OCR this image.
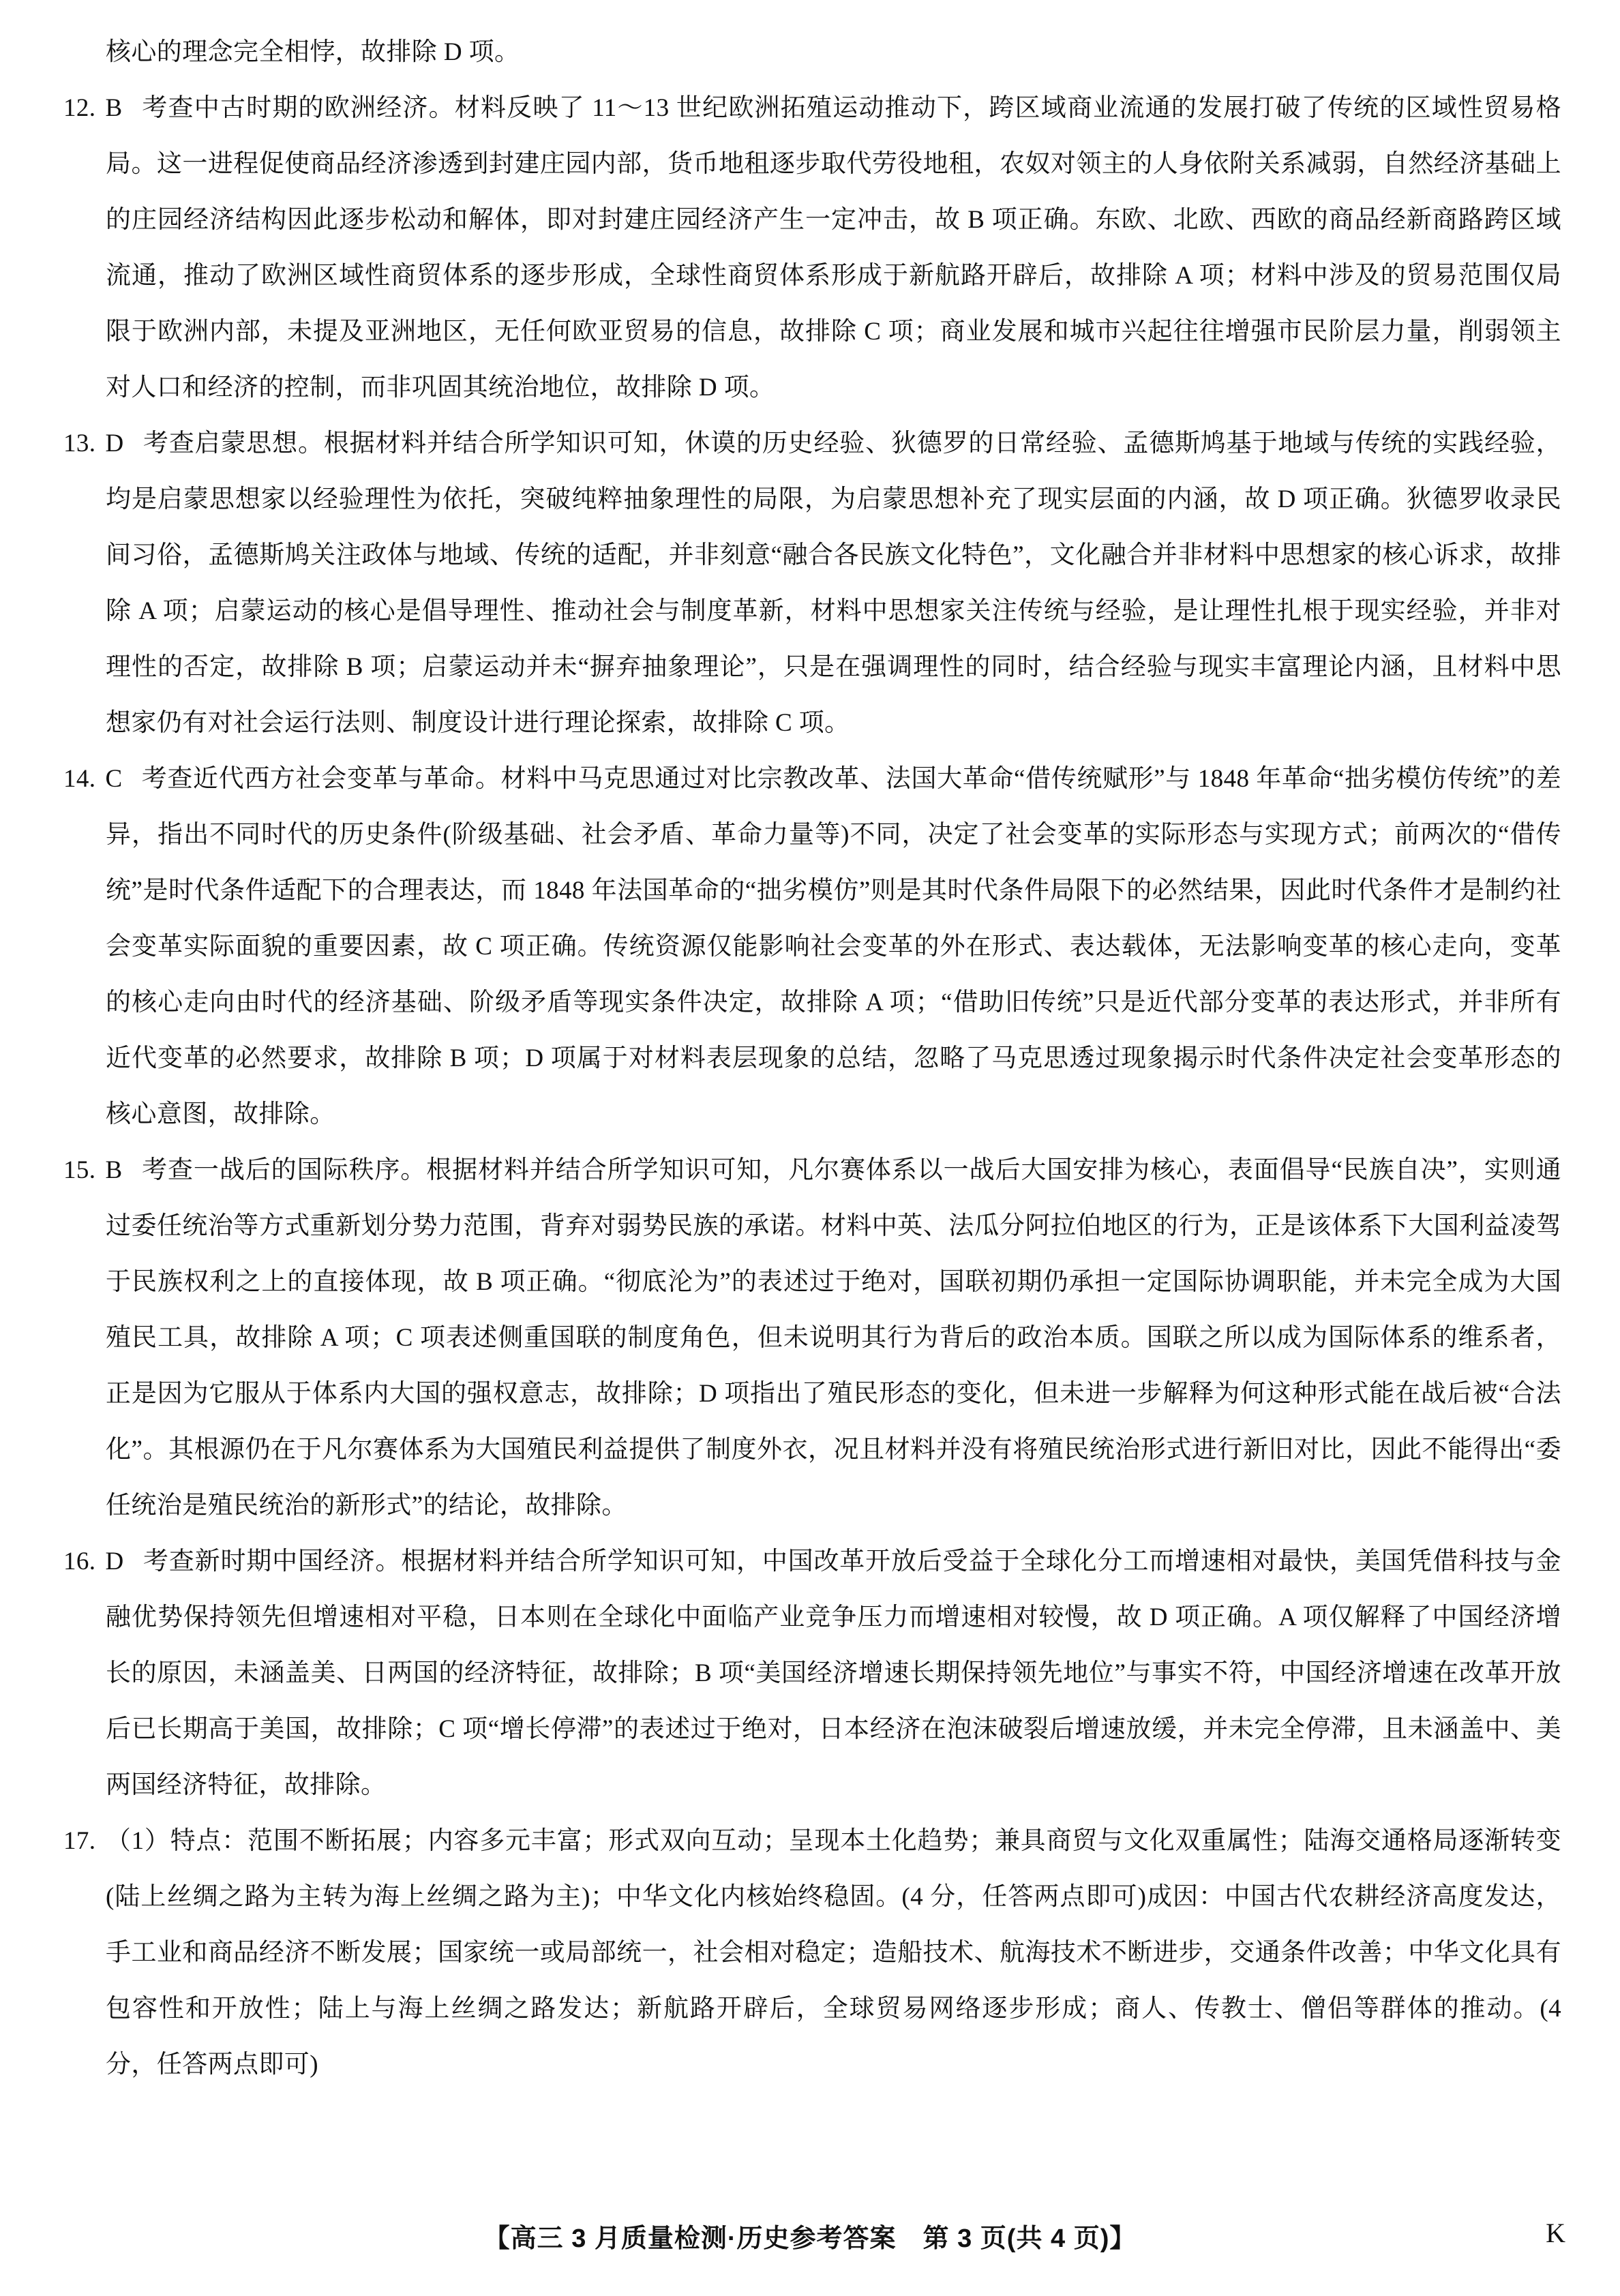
核心的理念完全相悖，故排除 D 项。

12. B 考查中古时期的欧洲经济。材料反映了 11～13 世纪欧洲拓殖运动推动下，跨区域商业流通的发展打破了传统的区域性贸易格局。这一进程促使商品经济渗透到封建庄园内部，货币地租逐步取代劳役地租，农奴对领主的人身依附关系减弱，自然经济基础上的庄园经济结构因此逐步松动和解体，即对封建庄园经济产生一定冲击，故 B 项正确。东欧、北欧、西欧的商品经新商路跨区域流通，推动了欧洲区域性商贸体系的逐步形成，全球性商贸体系形成于新航路开辟后，故排除 A 项；材料中涉及的贸易范围仅局限于欧洲内部，未提及亚洲地区，无任何欧亚贸易的信息，故排除 C 项；商业发展和城市兴起往往增强市民阶层力量，削弱领主对人口和经济的控制，而非巩固其统治地位，故排除 D 项。

13. D 考查启蒙思想。根据材料并结合所学知识可知，休谟的历史经验、狄德罗的日常经验、孟德斯鸠基于地域与传统的实践经验，均是启蒙思想家以经验理性为依托，突破纯粹抽象理性的局限，为启蒙思想补充了现实层面的内涵，故 D 项正确。狄德罗收录民间习俗，孟德斯鸠关注政体与地域、传统的适配，并非刻意“融合各民族文化特色”，文化融合并非材料中思想家的核心诉求，故排除 A 项；启蒙运动的核心是倡导理性、推动社会与制度革新，材料中思想家关注传统与经验，是让理性扎根于现实经验，并非对理性的否定，故排除 B 项；启蒙运动并未“摒弃抽象理论”，只是在强调理性的同时，结合经验与现实丰富理论内涵，且材料中思想家仍有对社会运行法则、制度设计进行理论探索，故排除 C 项。

14. C 考查近代西方社会变革与革命。材料中马克思通过对比宗教改革、法国大革命“借传统赋形”与 1848 年革命“拙劣模仿传统”的差异，指出不同时代的历史条件(阶级基础、社会矛盾、革命力量等)不同，决定了社会变革的实际形态与实现方式；前两次的“借传统”是时代条件适配下的合理表达，而 1848 年法国革命的“拙劣模仿”则是其时代条件局限下的必然结果，因此时代条件才是制约社会变革实际面貌的重要因素，故 C 项正确。传统资源仅能影响社会变革的外在形式、表达载体，无法影响变革的核心走向，变革的核心走向由时代的经济基础、阶级矛盾等现实条件决定，故排除 A 项；“借助旧传统”只是近代部分变革的表达形式，并非所有近代变革的必然要求，故排除 B 项；D 项属于对材料表层现象的总结，忽略了马克思透过现象揭示时代条件决定社会变革形态的核心意图，故排除。

15. B 考查一战后的国际秩序。根据材料并结合所学知识可知，凡尔赛体系以一战后大国安排为核心，表面倡导“民族自决”，实则通过委任统治等方式重新划分势力范围，背弃对弱势民族的承诺。材料中英、法瓜分阿拉伯地区的行为，正是该体系下大国利益凌驾于民族权利之上的直接体现，故 B 项正确。“彻底沦为”的表述过于绝对，国联初期仍承担一定国际协调职能，并未完全成为大国殖民工具，故排除 A 项；C 项表述侧重国联的制度角色，但未说明其行为背后的政治本质。国联之所以成为国际体系的维系者，正是因为它服从于体系内大国的强权意志，故排除；D 项指出了殖民形态的变化，但未进一步解释为何这种形式能在战后被“合法化”。其根源仍在于凡尔赛体系为大国殖民利益提供了制度外衣，况且材料并没有将殖民统治形式进行新旧对比，因此不能得出“委任统治是殖民统治的新形式”的结论，故排除。

16. D 考查新时期中国经济。根据材料并结合所学知识可知，中国改革开放后受益于全球化分工而增速相对最快，美国凭借科技与金融优势保持领先但增速相对平稳，日本则在全球化中面临产业竞争压力而增速相对较慢，故 D 项正确。A 项仅解释了中国经济增长的原因，未涵盖美、日两国的经济特征，故排除；B 项“美国经济增速长期保持领先地位”与事实不符，中国经济增速在改革开放后已长期高于美国，故排除；C 项“增长停滞”的表述过于绝对，日本经济在泡沫破裂后增速放缓，并未完全停滞，且未涵盖中、美两国经济特征，故排除。

17. （1）特点：范围不断拓展；内容多元丰富；形式双向互动；呈现本土化趋势；兼具商贸与文化双重属性；陆海交通格局逐渐转变(陆上丝绸之路为主转为海上丝绸之路为主)；中华文化内核始终稳固。(4 分，任答两点即可)成因：中国古代农耕经济高度发达，手工业和商品经济不断发展；国家统一或局部统一，社会相对稳定；造船技术、航海技术不断进步，交通条件改善；中华文化具有包容性和开放性；陆上与海上丝绸之路发达；新航路开辟后，全球贸易网络逐步形成；商人、传教士、僧侣等群体的推动。(4 分，任答两点即可)

【高三 3 月质量检测·历史参考答案　第 3 页(共 4 页)】	K
